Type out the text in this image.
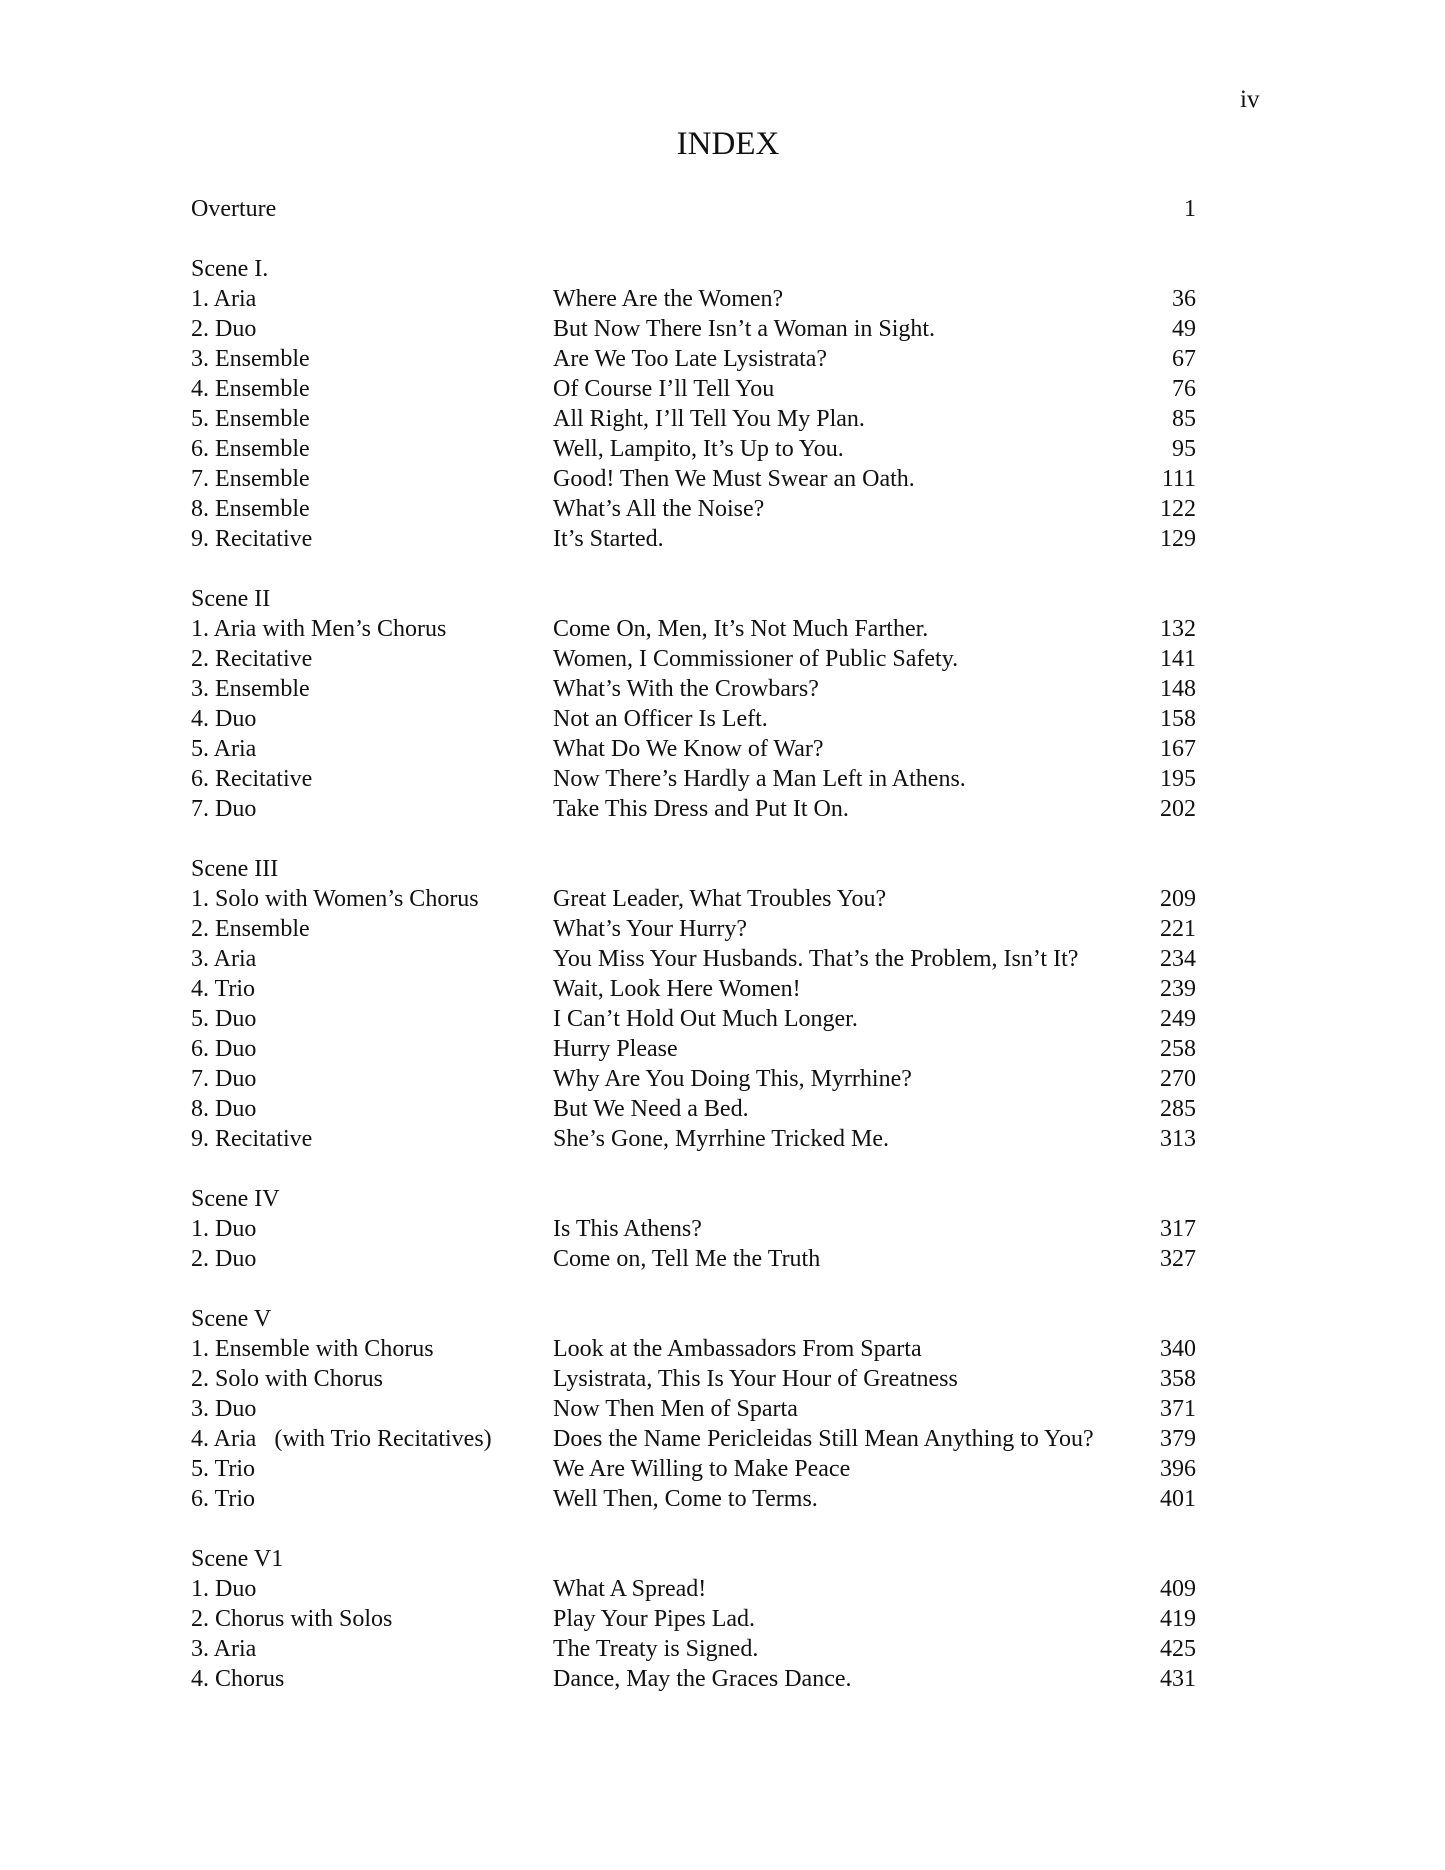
iv
INDEX
Overture	1
Scene I.
1. Aria	Where Are the Women?	36
2. Duo	But Now There Isn’t a Woman in Sight.	49
3. Ensemble	Are We Too Late Lysistrata?	67
4. Ensemble	Of Course I’ll Tell You	76
5. Ensemble	All Right, I’ll Tell You My Plan.	85
6. Ensemble	Well, Lampito, It’s Up to You.	95
7. Ensemble	Good! Then We Must Swear an Oath.	111
8. Ensemble	What’s All the Noise?	122
9. Recitative	It’s Started.	129
Scene II
1. Aria with Men’s Chorus	Come On, Men, It’s Not Much Farther.	132
2. Recitative	Women, I Commissioner of Public Safety.	141
3. Ensemble	What’s With the Crowbars?	148
4. Duo	Not an Officer Is Left.	158
5. Aria	What Do We Know of War?	167
6. Recitative	Now There’s Hardly a Man Left in Athens.	195
7. Duo	Take This Dress and Put It On.	202
Scene III
1. Solo with Women’s Chorus	Great Leader, What Troubles You?	209
2. Ensemble	What’s Your Hurry?	221
3. Aria	You Miss Your Husbands. That’s the Problem, Isn’t It?	234
4. Trio	Wait, Look Here Women!	239
5. Duo	I Can’t Hold Out Much Longer.	249
6. Duo	Hurry Please	258
7. Duo	Why Are You Doing This, Myrrhine?	270
8. Duo	But We Need a Bed.	285
9. Recitative	She’s Gone, Myrrhine Tricked Me.	313
Scene IV
1. Duo	Is This Athens?	317
2. Duo	Come on, Tell Me the Truth	327
Scene V
1. Ensemble with Chorus	Look at the Ambassadors From Sparta	340
2. Solo with Chorus	Lysistrata, This Is Your Hour of Greatness	358
3. Duo	Now Then Men of Sparta	371
4. Aria   (with Trio Recitatives)	Does the Name Pericleidas Still Mean Anything to You?	379
5. Trio	We Are Willing to Make Peace	396
6. Trio	Well Then, Come to Terms.	401
Scene V1
1. Duo	What A Spread!	409
2. Chorus with Solos	Play Your Pipes Lad.	419
3. Aria	The Treaty is Signed.	425
4. Chorus	Dance, May the Graces Dance.	431
